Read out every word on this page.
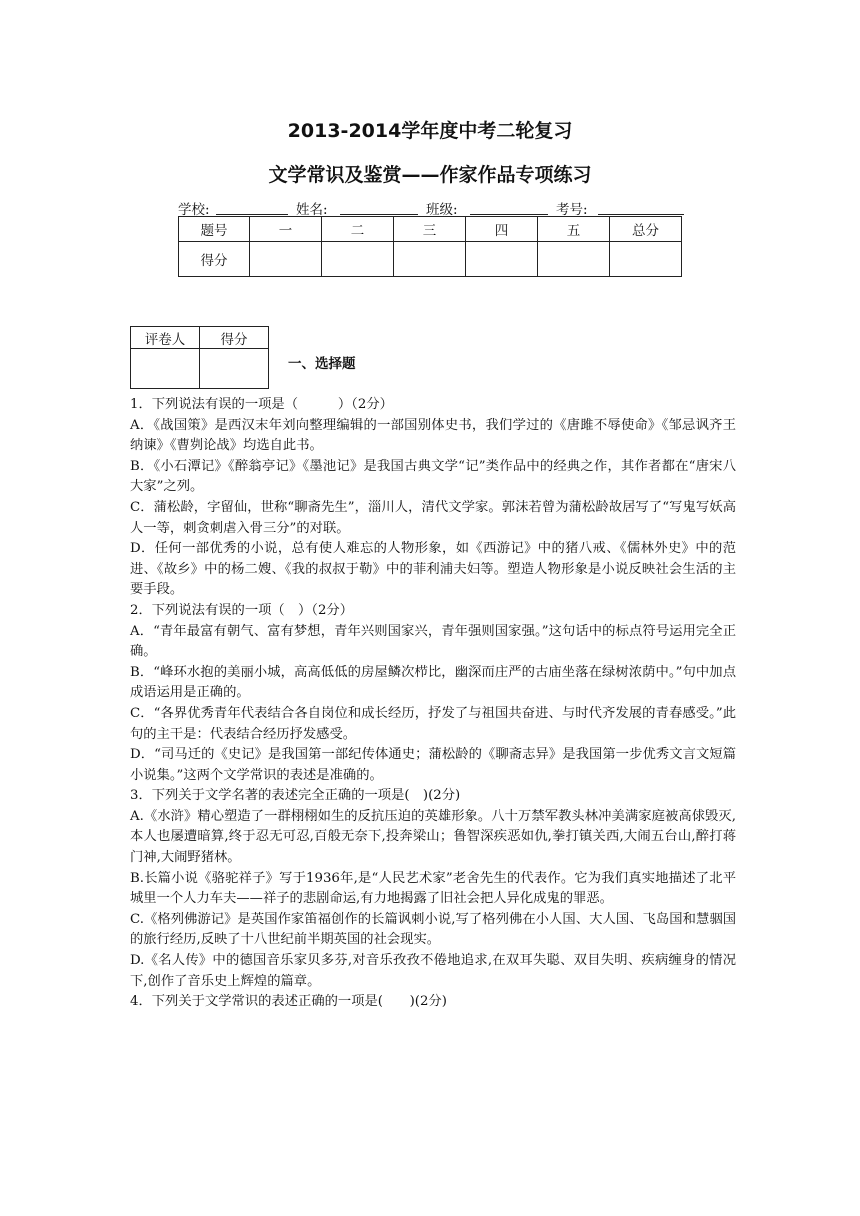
2013-2014学年度中考二轮复习
文学常识及鉴赏——作家作品专项练习
学校:	姓名:	班级:	考号:
题号	一	二	三	四	五	总分
得分						
评卷人	得分

一、选择题

1．下列说法有误的一项是（　　　）（2分）

A．《战国策》是西汉末年刘向整理编辑的一部国别体史书，我们学过的《唐雎不辱使命》《邹忌讽齐王纳谏》《曹刿论战》均选自此书。

B．《小石潭记》《醉翁亭记》《墨池记》是我国古典文学“记”类作品中的经典之作，其作者都在“唐宋八大家”之列。

C．蒲松龄，字留仙，世称“聊斋先生”，淄川人，清代文学家。郭沫若曾为蒲松龄故居写了“写鬼写妖高人一等，刺贪刺虐入骨三分”的对联。

D．任何一部优秀的小说，总有使人难忘的人物形象，如《西游记》中的猪八戒、《儒林外史》中的范进、《故乡》中的杨二嫂、《我的叔叔于勒》中的菲利浦夫妇等。塑造人物形象是小说反映社会生活的主要手段。

2．下列说法有误的一项（　）（2分）

A．“青年最富有朝气、富有梦想，青年兴则国家兴，青年强则国家强。”这句话中的标点符号运用完全正确。

B．“峰环水抱的美丽小城，高高低低的房屋鳞次栉比，幽深而庄严的古庙坐落在绿树浓荫中。”句中加点成语运用是正确的。

C．“各界优秀青年代表结合各自岗位和成长经历，抒发了与祖国共奋进、与时代齐发展的青春感受。”此句的主干是：代表结合经历抒发感受。

D．“司马迁的《史记》是我国第一部纪传体通史；蒲松龄的《聊斋志异》是我国第一步优秀文言文短篇小说集。”这两个文学常识的表述是准确的。

3．下列关于文学名著的表述完全正确的一项是(　)(2分)

A.《水浒》精心塑造了一群栩栩如生的反抗压迫的英雄形象。八十万禁军教头林冲美满家庭被高俅毁灭,本人也屡遭暗算,终于忍无可忍,百般无奈下,投奔梁山；鲁智深疾恶如仇,拳打镇关西,大闹五台山,醉打蒋门神,大闹野猪林。

B.长篇小说《骆驼祥子》写于1936年,是“人民艺术家”老舍先生的代表作。它为我们真实地描述了北平城里一个人力车夫——祥子的悲剧命运,有力地揭露了旧社会把人异化成鬼的罪恶。

C.《格列佛游记》是英国作家笛福创作的长篇讽刺小说,写了格列佛在小人国、大人国、飞岛国和慧骃国的旅行经历,反映了十八世纪前半期英国的社会现实。

D.《名人传》中的德国音乐家贝多芬,对音乐孜孜不倦地追求,在双耳失聪、双目失明、疾病缠身的情况下,创作了音乐史上辉煌的篇章。

4．下列关于文学常识的表述正确的一项是(　　)(2分)
